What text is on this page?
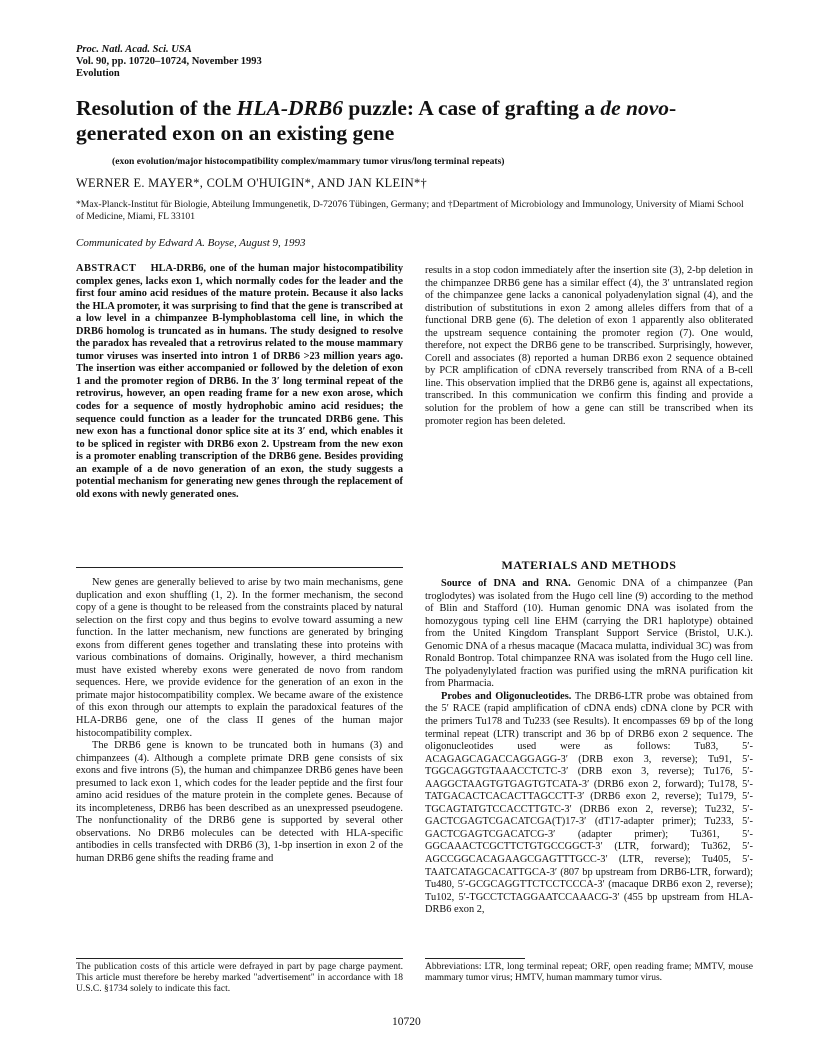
Proc. Natl. Acad. Sci. USA
Vol. 90, pp. 10720–10724, November 1993
Evolution
Resolution of the HLA-DRB6 puzzle: A case of grafting a de novo-generated exon on an existing gene
(exon evolution/major histocompatibility complex/mammary tumor virus/long terminal repeats)
WERNER E. MAYER*, COLM O'HUIGIN*, AND JAN KLEIN*†
*Max-Planck-Institut für Biologie, Abteilung Immungenetik, D-72076 Tübingen, Germany; and †Department of Microbiology and Immunology, University of Miami School of Medicine, Miami, FL 33101
Communicated by Edward A. Boyse, August 9, 1993
ABSTRACT HLA-DRB6, one of the human major histocompatibility complex genes, lacks exon 1, which normally codes for the leader and the first four amino acid residues of the mature protein. Because it also lacks the HLA promoter, it was surprising to find that the gene is transcribed at a low level in a chimpanzee B-lymphoblastoma cell line, in which the DRB6 homolog is truncated as in humans. The study designed to resolve the paradox has revealed that a retrovirus related to the mouse mammary tumor viruses was inserted into intron 1 of DRB6 >23 million years ago. The insertion was either accompanied or followed by the deletion of exon 1 and the promoter region of DRB6. In the 3′ long terminal repeat of the retrovirus, however, an open reading frame for a new exon arose, which codes for a sequence of mostly hydrophobic amino acid residues; the sequence could function as a leader for the truncated DRB6 gene. This new exon has a functional donor splice site at its 3′ end, which enables it to be spliced in register with DRB6 exon 2. Upstream from the new exon is a promoter enabling transcription of the DRB6 gene. Besides providing an example of a de novo generation of an exon, the study suggests a potential mechanism for generating new genes through the replacement of old exons with newly generated ones.

New genes are generally believed to arise by two main mechanisms, gene duplication and exon shuffling (1, 2). In the former mechanism, the second copy of a gene is thought to be released from the constraints placed by natural selection on the first copy and thus begins to evolve toward assuming a new function. In the latter mechanism, new functions are generated by bringing exons from different genes together and translating these into proteins with various combinations of domains. Originally, however, a third mechanism must have existed whereby exons were generated de novo from random sequences. Here, we provide evidence for the generation of an exon in the primate major histocompatibility complex. We became aware of the existence of this exon through our attempts to explain the paradoxical features of the HLA-DRB6 gene, one of the class II genes of the human major histocompatibility complex.

The DRB6 gene is known to be truncated both in humans (3) and chimpanzees (4). Although a complete primate DRB gene consists of six exons and five introns (5), the human and chimpanzee DRB6 genes have been presumed to lack exon 1, which codes for the leader peptide and the first four amino acid residues of the mature protein in the complete genes. Because of its incompleteness, DRB6 has been described as an unexpressed pseudogene. The nonfunctionality of the DRB6 gene is supported by several other observations. No DRB6 molecules can be detected with HLA-specific antibodies in cells transfected with DRB6 (3), 1-bp insertion in exon 2 of the human DRB6 gene shifts the reading frame and

results in a stop codon immediately after the insertion site (3), 2-bp deletion in the chimpanzee DRB6 gene has a similar effect (4), the 3′ untranslated region of the chimpanzee gene lacks a canonical polyadenylation signal (4), and the distribution of substitutions in exon 2 among alleles differs from that of a functional DRB gene (6). The deletion of exon 1 apparently also obliterated the upstream sequence containing the promoter region (7). One would, therefore, not expect the DRB6 gene to be transcribed. Surprisingly, however, Corell and associates (8) reported a human DRB6 exon 2 sequence obtained by PCR amplification of cDNA reversely transcribed from RNA of a B-cell line. This observation implied that the DRB6 gene is, against all expectations, transcribed. In this communication we confirm this finding and provide a solution for the problem of how a gene can still be transcribed when its promoter region has been deleted.

MATERIALS AND METHODS

Source of DNA and RNA. Genomic DNA of a chimpanzee (Pan troglodytes) was isolated from the Hugo cell line (9) according to the method of Blin and Stafford (10). Human genomic DNA was isolated from the homozygous typing cell line EHM (carrying the DR1 haplotype) obtained from the United Kingdom Transplant Support Service (Bristol, U.K.). Genomic DNA of a rhesus macaque (Macaca mulatta, individual 3C) was from Ronald Bontrop. Total chimpanzee RNA was isolated from the Hugo cell line. The polyadenylylated fraction was purified using the mRNA purification kit from Pharmacia.

Probes and Oligonucleotides. The DRB6-LTR probe was obtained from the 5′ RACE (rapid amplification of cDNA ends) cDNA clone by PCR with the primers Tu178 and Tu233 (see Results). It encompasses 69 bp of the long terminal repeat (LTR) transcript and 36 bp of DRB6 exon 2 sequence. The oligonucleotides used were as follows: Tu83, 5′-ACAGAGCAGACCAGGAGG-3′ (DRB exon 3, reverse); Tu91, 5′-TGGCAGGTGTAAACCTCTC-3′ (DRB exon 3, reverse); Tu176, 5′-AAGGCTAAGTGTGAGTGTCATA-3′ (DRB6 exon 2, forward); Tu178, 5′-TATGACACTCACACTTAGCCTT-3′ (DRB6 exon 2, reverse); Tu179, 5′-TGCAGTATGTCCACCTTGTC-3′ (DRB6 exon 2, reverse); Tu232, 5′-GACTCGAGTCGACATCGA(T)17-3′ (dT17-adapter primer); Tu233, 5′-GACTCGAGTCGACATCG-3′ (adapter primer); Tu361, 5′-GGCAAACTCGCTTCTGTGCCGGCT-3′ (LTR, forward); Tu362, 5′-AGCCGGCACAGAAGCGAGTTTGCC-3′ (LTR, reverse); Tu405, 5′-TAATCATAGCACATTGCA-3′ (807 bp upstream from DRB6-LTR, forward); Tu480, 5′-GCGCAGGTTCTCCTCCCA-3′ (macaque DRB6 exon 2, reverse); Tu102, 5′-TGCCTCTAGGAATCCAAACG-3′ (455 bp upstream from HLA-DRB6 exon 2,

The publication costs of this article were defrayed in part by page charge payment. This article must therefore be hereby marked "advertisement" in accordance with 18 U.S.C. §1734 solely to indicate this fact.
Abbreviations: LTR, long terminal repeat; ORF, open reading frame; MMTV, mouse mammary tumor virus; HMTV, human mammary tumor virus.
10720
